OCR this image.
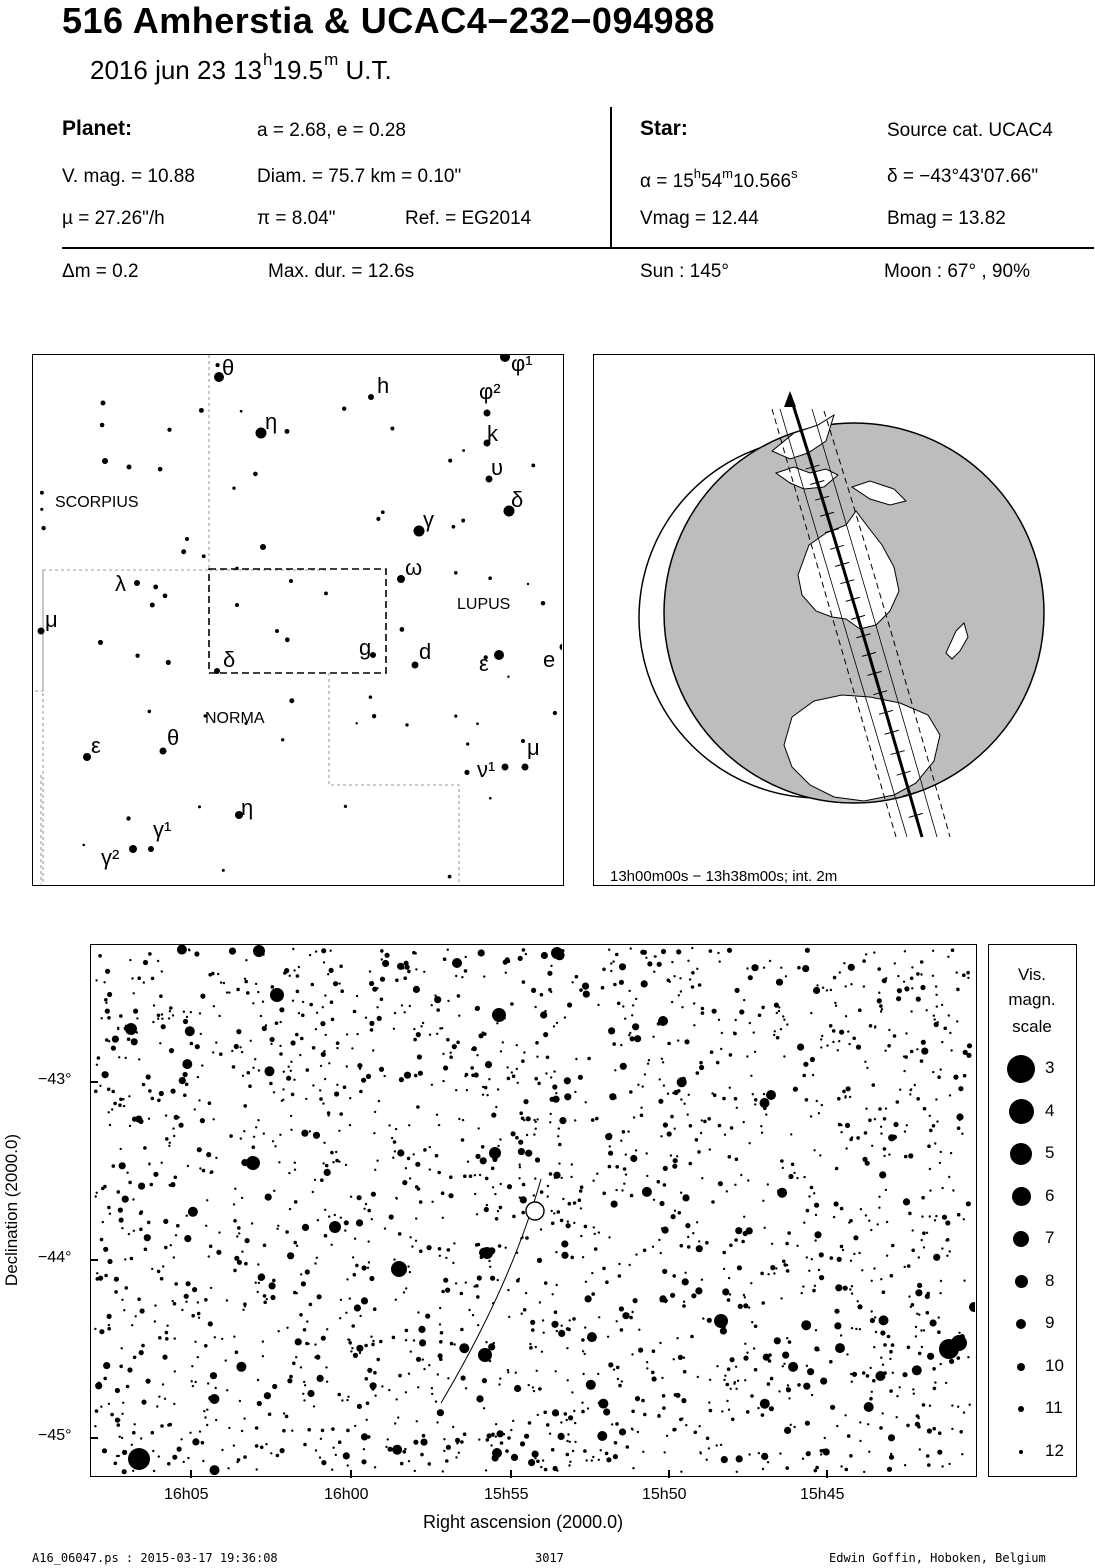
516 Amherstia & UCAC4−232−094988
2016 jun 23 13$^h$19.5$^m$ U.T.
Planet:	a = 2.68, e = 0.28
V. mag. = 10.88	Diam. = 75.7 km = 0.10"
µ = 27.26"/h	π = 8.04"	Ref. = EG2014
Star:	Source cat. UCAC4
$\alpha = 15^h54^m10.566^s$	δ = −43°43'07.66"
Vmag = 12.44	Bmag = 13.82
Δm = 0.2	Max. dur. = 12.6s	Sun : 145°	Moon : 67° , 90%
SCORPIUS
LUPUS
NORMA
θ
η
h
φ¹
φ²
k
υ
δ
γ
ω
λ
μ
δ	g d ε e
ε	θ
η
γ¹
γ²
ν¹
μ
13h00m00s − 13h38m00s; int. 2m
16h05	16h00	15h55	15h50	15h45
−43°
−44°
−45°
Right ascension (2000.0)
Declination (2000.0)
Vis.
magn.
scale
3
4
5
6
7
8
9
10
11
12
A16_06047.ps : 2015-03-17 19:36:08	3017	Edwin Goffin, Hoboken, Belgium
